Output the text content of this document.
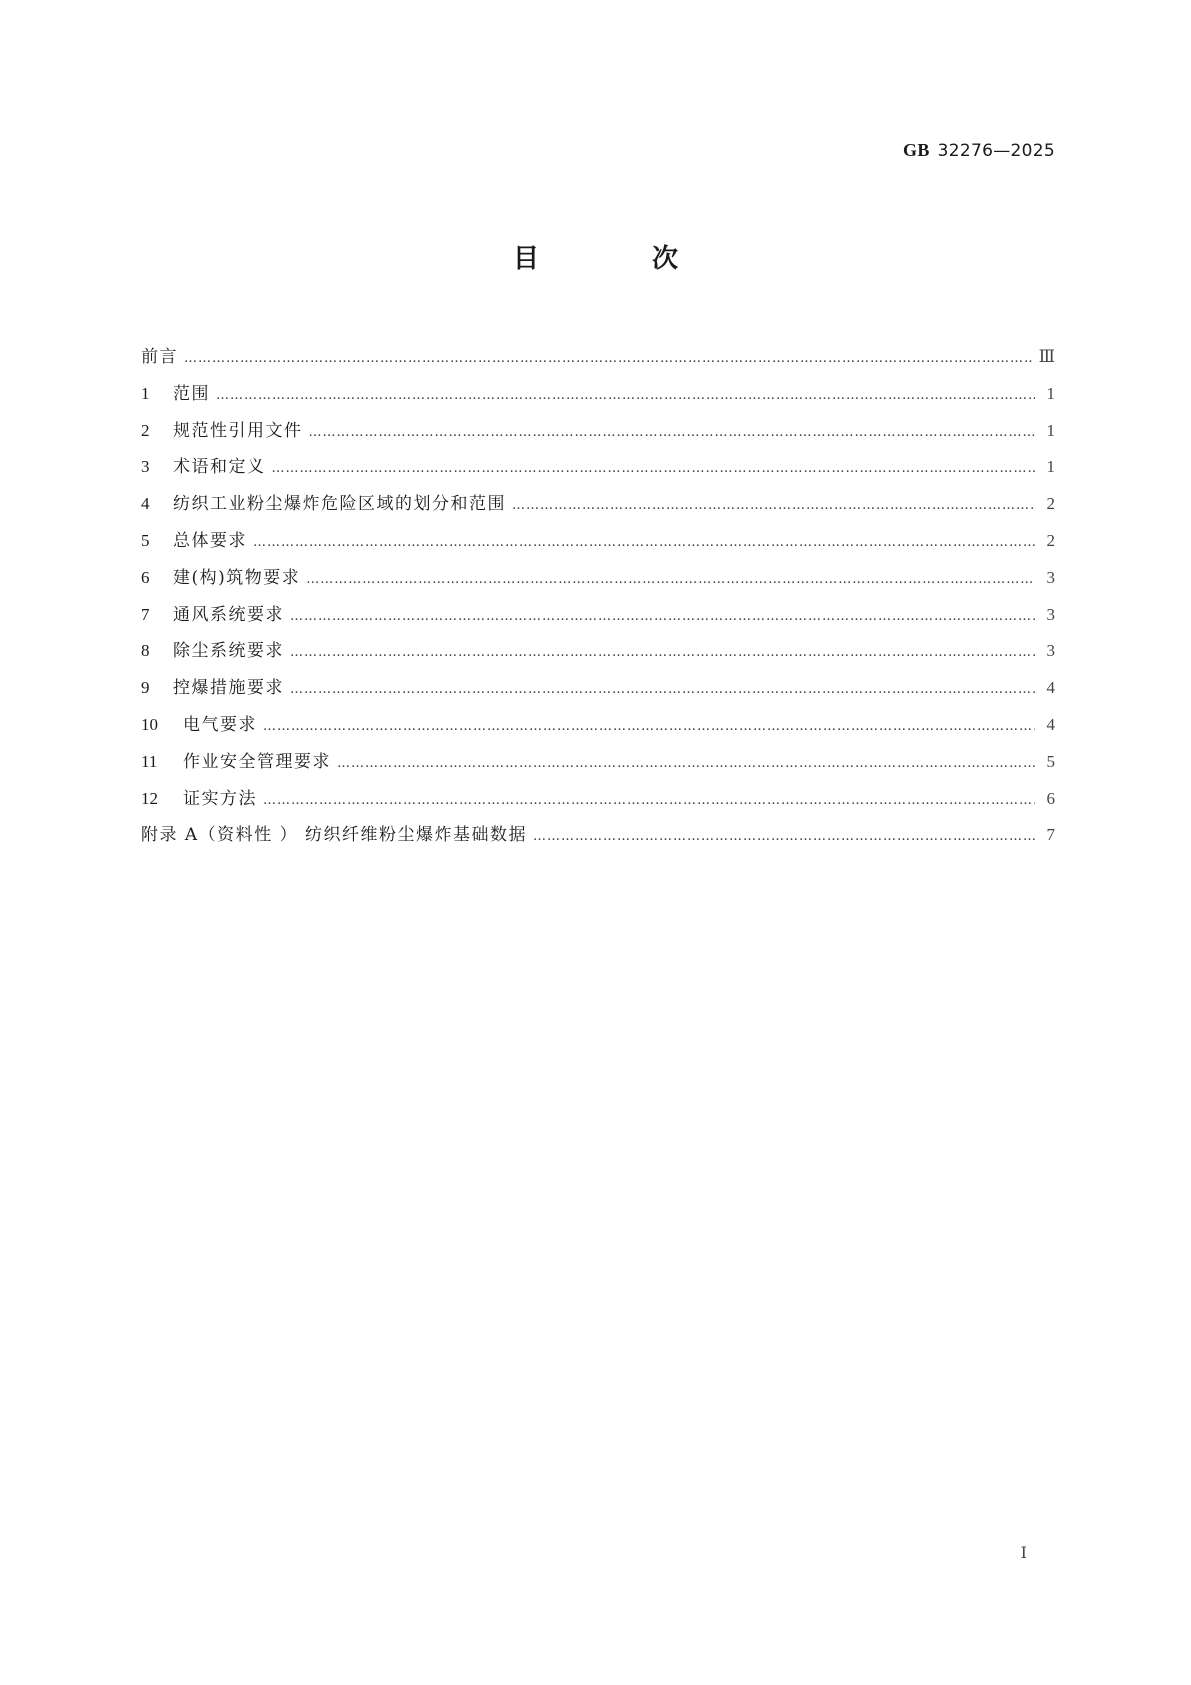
GB 32276—2025
目 次
前言 …………………………………………………………………………………………………………………………………………………………………………………………………………………………………………	Ⅲ
1	范围 …………………………………………………………………………………………………………………………………………………………………………………………………………………………………………	1
2	规范性引用文件 …………………………………………………………………………………………………………………………………………………………………………………………………………………………………………	1
3	术语和定义 …………………………………………………………………………………………………………………………………………………………………………………………………………………………………………	1
4	纺织工业粉尘爆炸危险区域的划分和范围 …………………………………………………………………………………………………………………………………………………………………………………………………………………………………………	2
5	总体要求 …………………………………………………………………………………………………………………………………………………………………………………………………………………………………………	2
6	建(构)筑物要求 …………………………………………………………………………………………………………………………………………………………………………………………………………………………………………	3
7	通风系统要求 …………………………………………………………………………………………………………………………………………………………………………………………………………………………………………	3
8	除尘系统要求 …………………………………………………………………………………………………………………………………………………………………………………………………………………………………………	3
9	控爆措施要求 …………………………………………………………………………………………………………………………………………………………………………………………………………………………………………	4
10	电气要求 …………………………………………………………………………………………………………………………………………………………………………………………………………………………………………	4
11	作业安全管理要求 …………………………………………………………………………………………………………………………………………………………………………………………………………………………………………	5
12	证实方法 …………………………………………………………………………………………………………………………………………………………………………………………………………………………………………	6
附录 A（资料性 ） 纺织纤维粉尘爆炸基础数据 …………………………………………………………………………………………………………………………………………………………………………………………………………………………………………	7
Ⅰ
